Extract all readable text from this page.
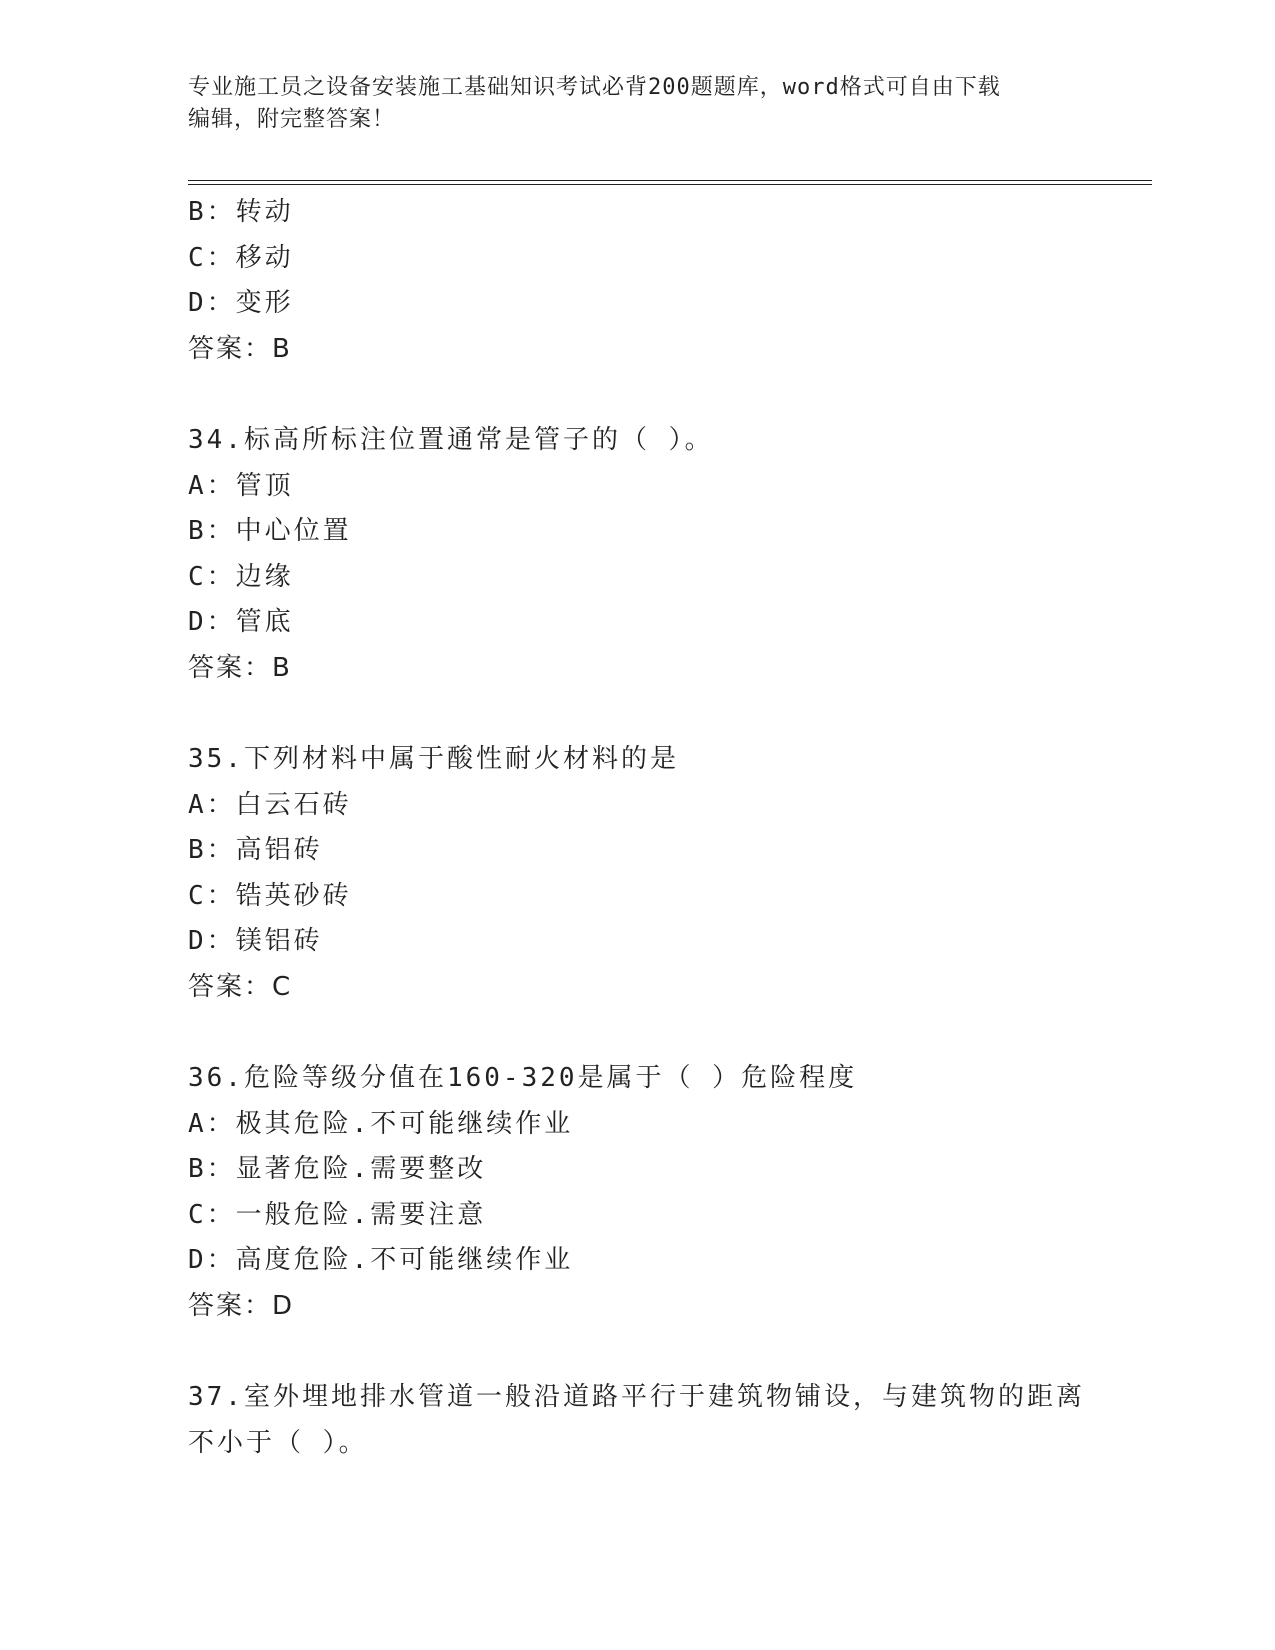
专业施工员之设备安装施工基础知识考试必背200题题库，word格式可自由下载
编辑，附完整答案！
B：转动
C：移动
D：变形
答案：B
34.标高所标注位置通常是管子的（ ）。
A：管顶
B：中心位置
C：边缘
D：管底
答案：B
35.下列材料中属于酸性耐火材料的是
A：白云石砖
B：高铝砖
C：锆英砂砖
D：镁铝砖
答案：C
36.危险等级分值在160-320是属于（ ）危险程度
A：极其危险.不可能继续作业
B：显著危险.需要整改
C：一般危险.需要注意
D：高度危险.不可能继续作业
答案：D
37.室外埋地排水管道一般沿道路平行于建筑物铺设，与建筑物的距离
不小于（ ）。
